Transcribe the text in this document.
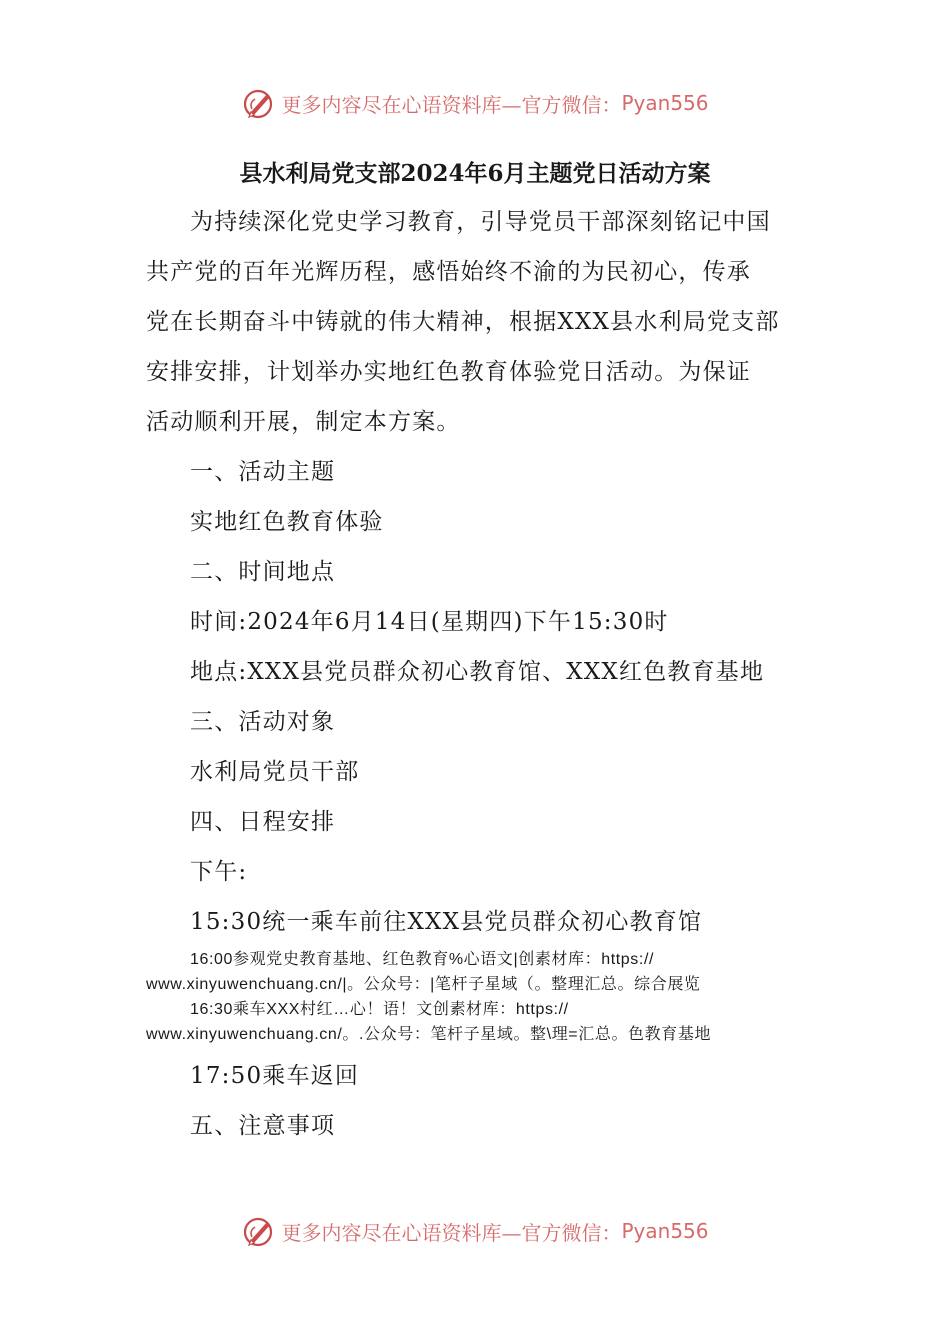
更多内容尽在心语资料库—官方微信： Pyan556
县水利局党支部2024年6月主题党日活动方案

为持续深化党史学习教育，引导党员干部深刻铭记中国

共产党的百年光辉历程，感悟始终不渝的为民初心，传承

党在长期奋斗中铸就的伟大精神，根据XXX县水利局党支部

安排安排，计划举办实地红色教育体验党日活动。为保证

活动顺利开展，制定本方案。

一、活动主题

实地红色教育体验

二、时间地点

时间:2024年6月14日(星期四)下午15:30时

地点:XXX县党员群众初心教育馆、XXX红色教育基地

三、活动对象

水利局党员干部

四、日程安排

下午:

15:30统一乘车前往XXX县党员群众初心教育馆

16:00参观党史教育基地、红色教育%心语文|创素材库：https://

www.xinyuwenchuang.cn/|。公众号：|笔杆子星域（。整理汇总。综合展览

16:30乘车XXX村红…心！语！文创素材库：https://

www.xinyuwenchuang.cn/。.公众号：笔杆子星域。整\理=汇总。色教育基地

17:50乘车返回

五、注意事项

更多内容尽在心语资料库—官方微信： Pyan556
